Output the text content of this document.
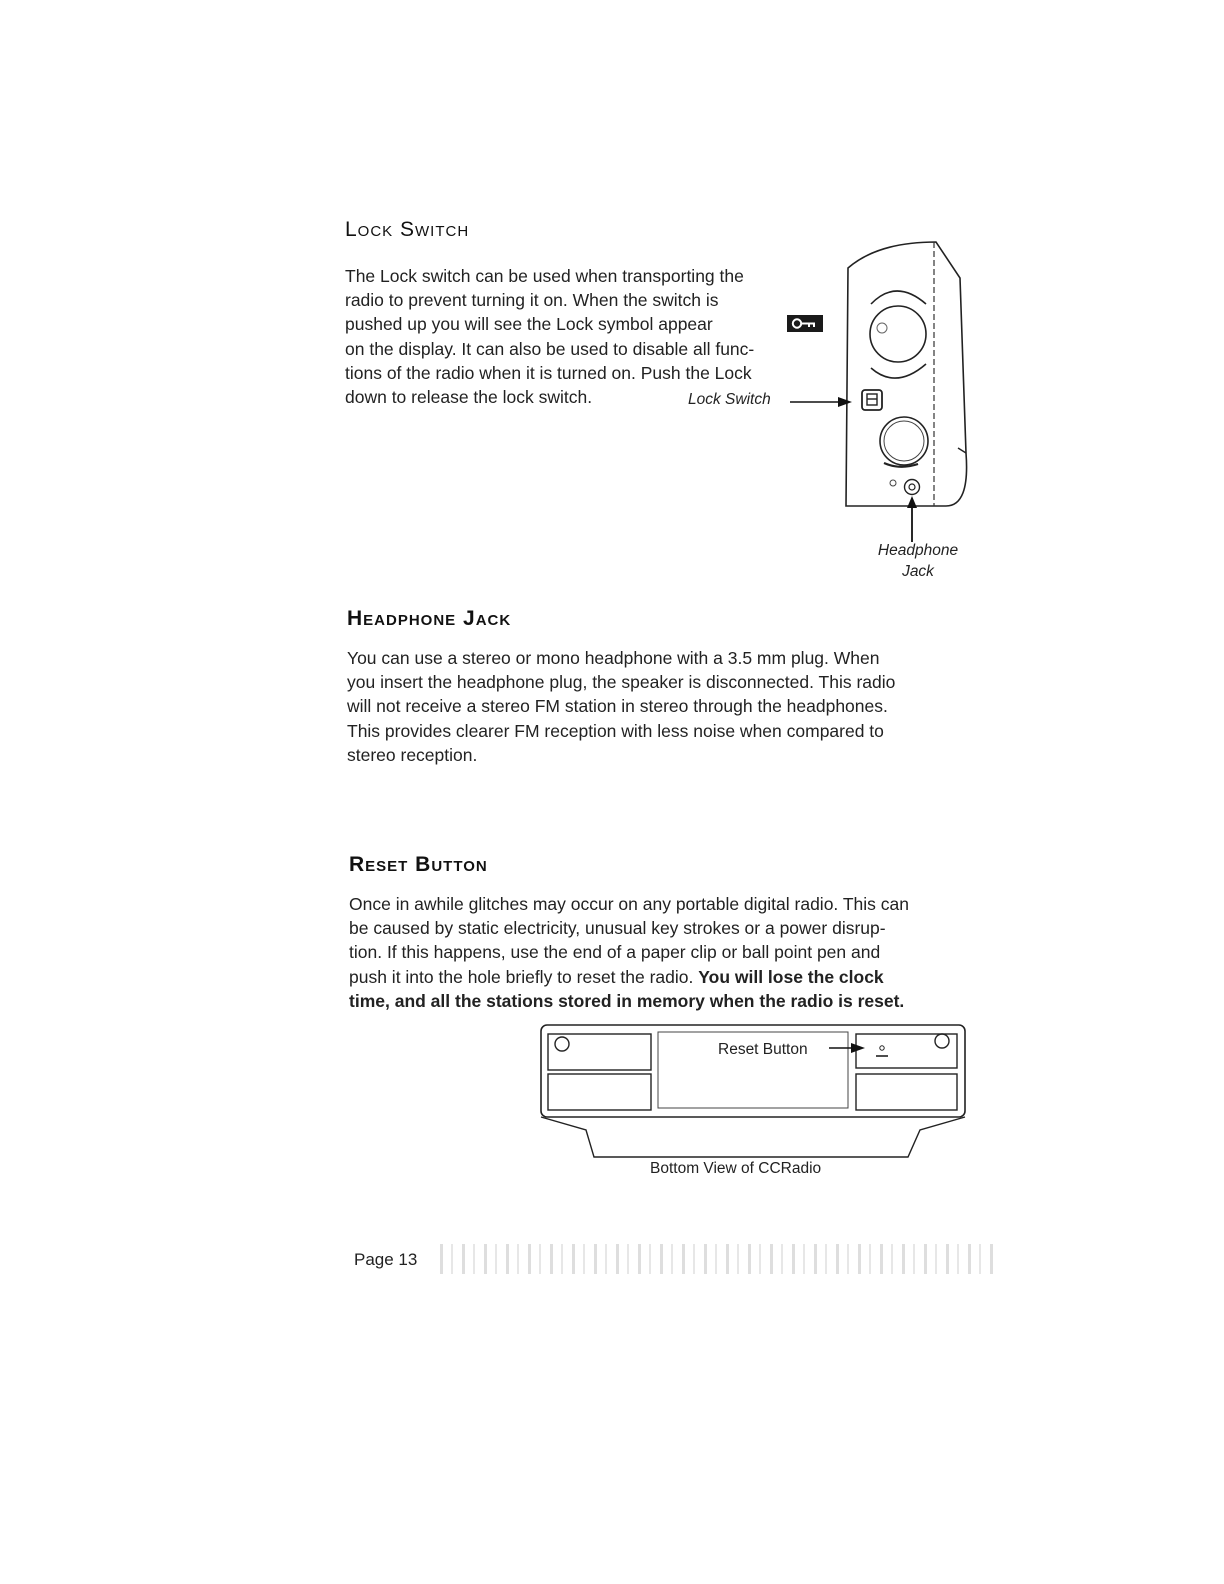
Lock Switch
The Lock switch can be used when transporting the
radio to prevent turning it on. When the switch is
pushed up you will see the Lock symbol appear
on the display. It can also be used to disable all func-
tions of the radio when it is turned on. Push the Lock
down to release the lock switch.	Lock Switch
Headphone
Jack
Headphone Jack
You can use a stereo or mono headphone with a 3.5 mm plug. When
you insert the headphone plug, the speaker is disconnected. This radio
will not receive a stereo FM station in stereo through the headphones.
This provides clearer FM reception with less noise when compared to
stereo reception.
Reset Button
Once in awhile glitches may occur on any portable digital radio. This can
be caused by static electricity, unusual key strokes or a power disrup-
tion. If this happens, use the end of a paper clip or ball point pen and
push it into the hole briefly to reset the radio. You will lose the clock
time, and all the stations stored in memory when the radio is reset.
Reset Button
Bottom View of CCRadio
Page 13
